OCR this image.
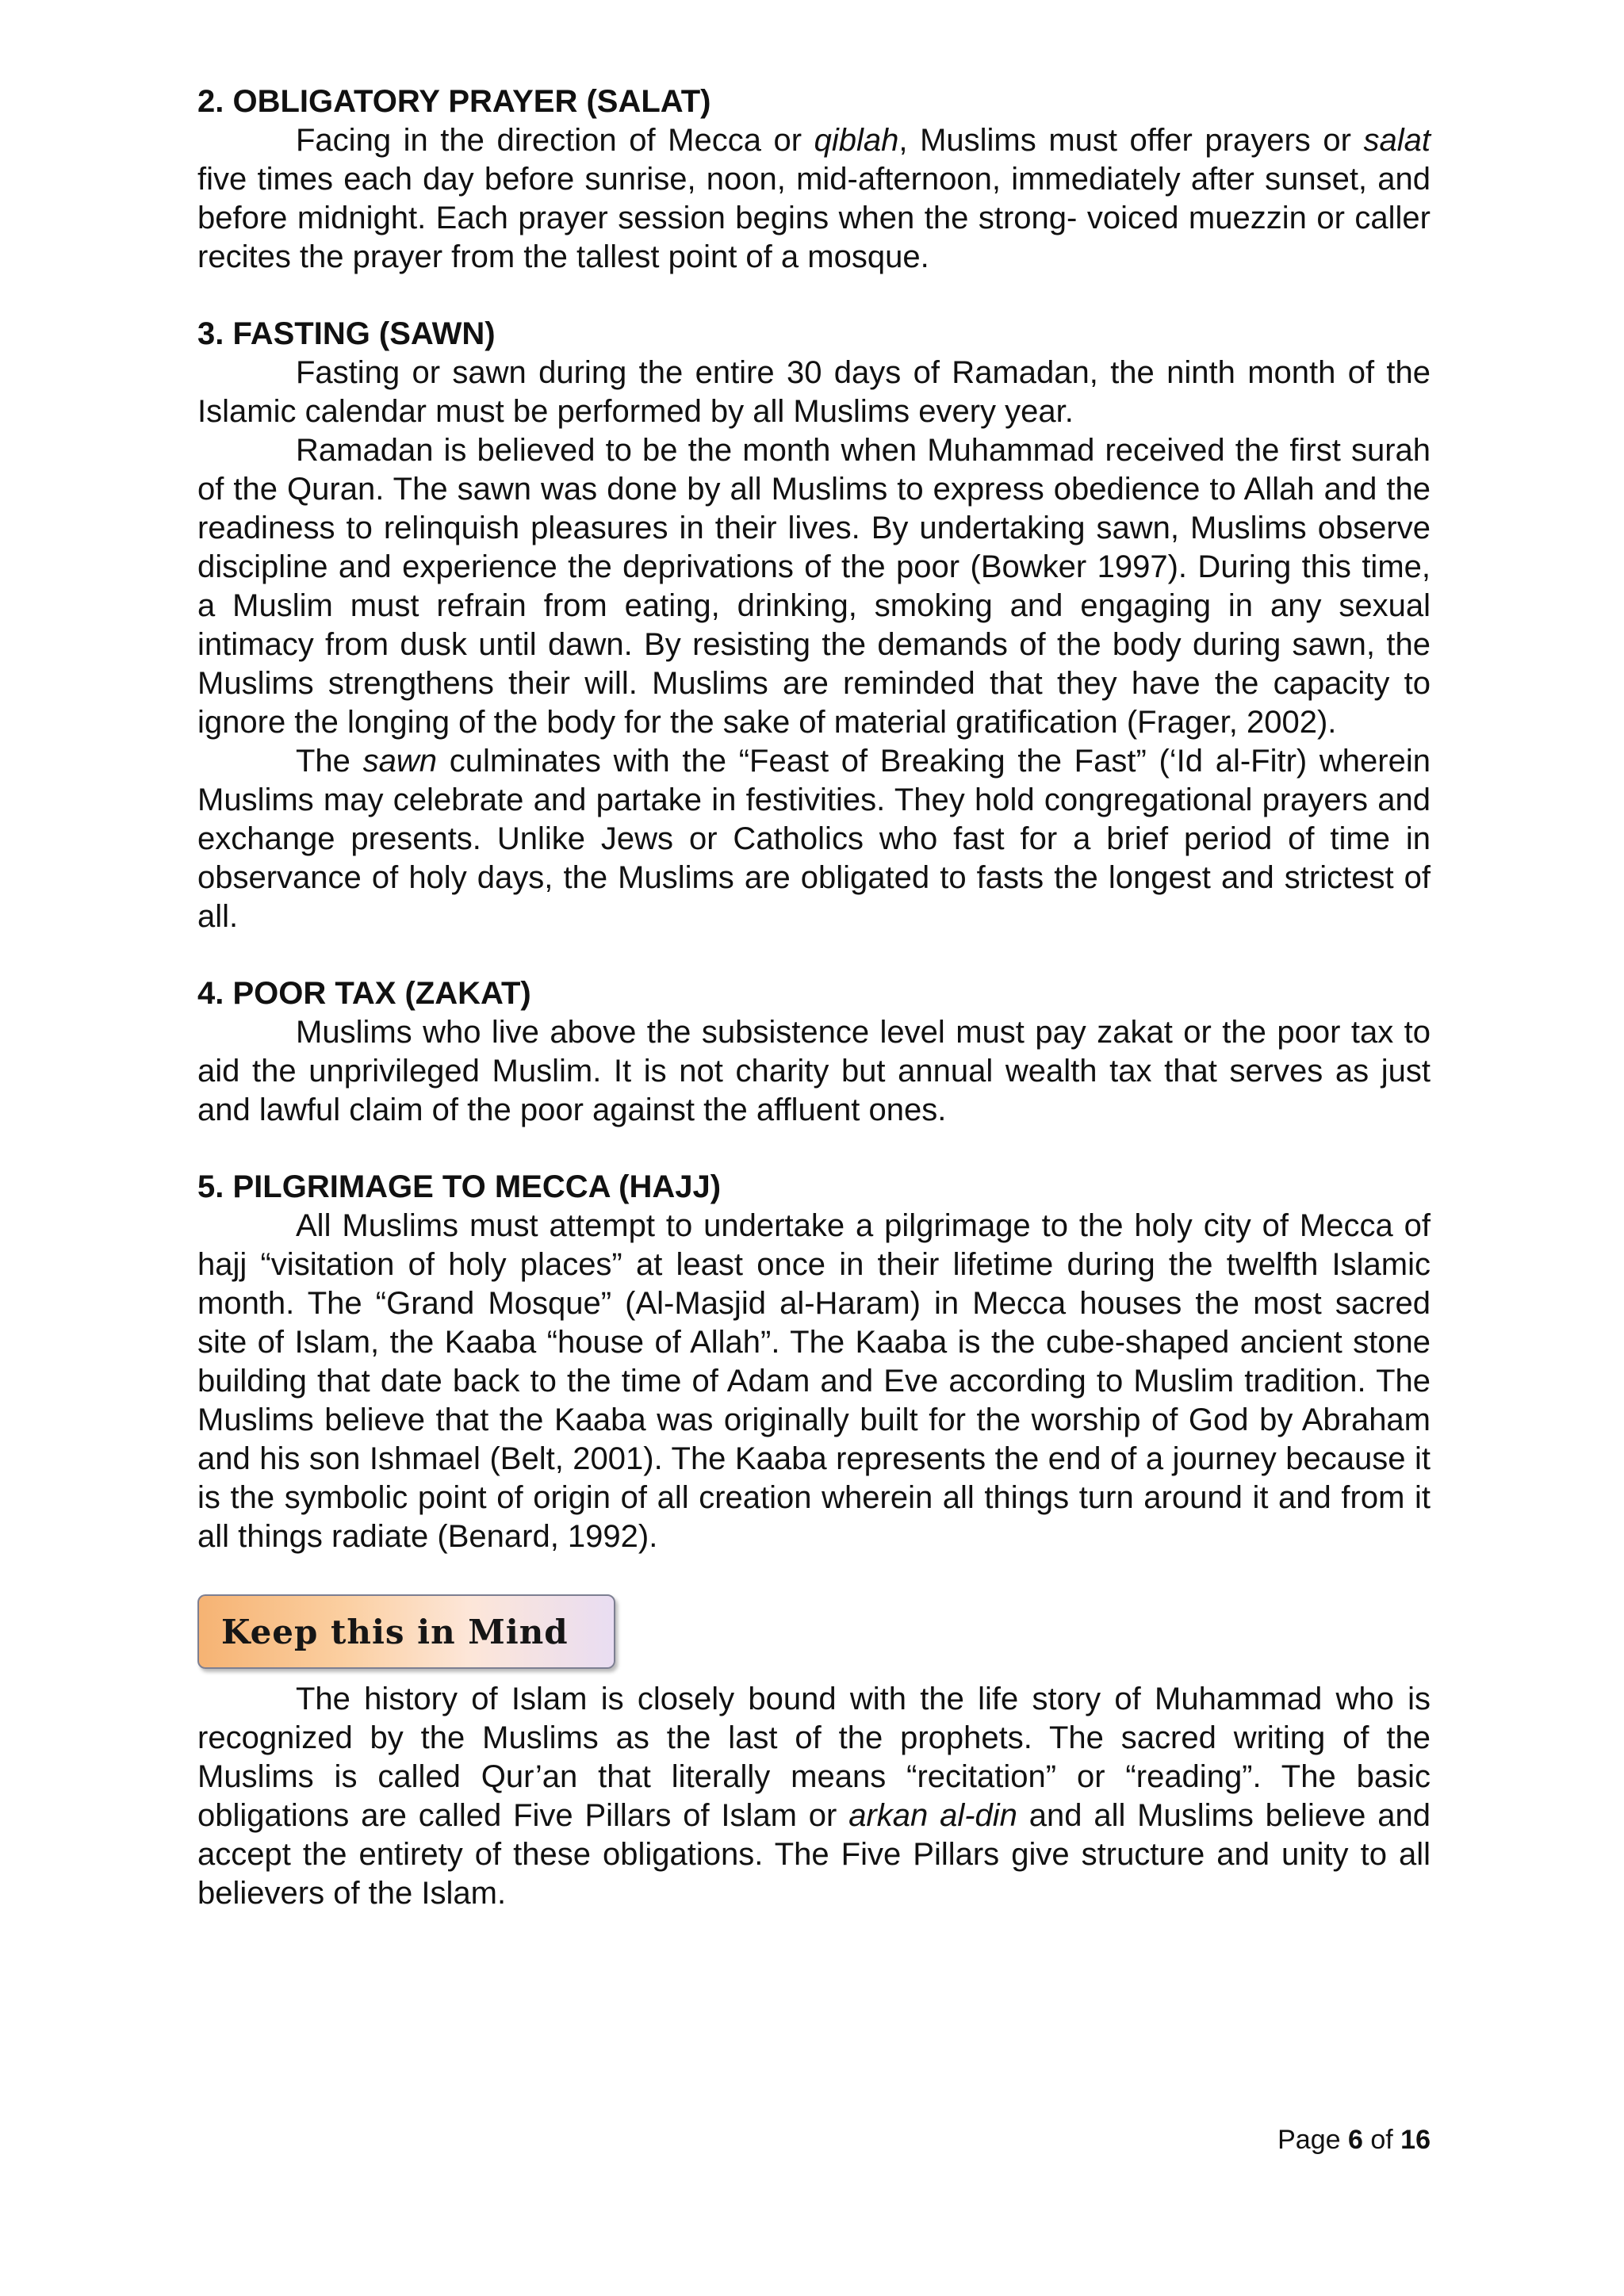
2. OBLIGATORY PRAYER (SALAT)

Facing in the direction of Mecca or qiblah, Muslims must offer prayers or salat five times each day before sunrise, noon, mid-afternoon, immediately after sunset, and before midnight. Each prayer session begins when the strong- voiced muezzin or caller recites the prayer from the tallest point of a mosque.

3. FASTING (SAWN)

Fasting or sawn during the entire 30 days of Ramadan, the ninth month of the Islamic calendar must be performed by all Muslims every year.

Ramadan is believed to be the month when Muhammad received the first surah of the Quran. The sawn was done by all Muslims to express obedience to Allah and the readiness to relinquish pleasures in their lives. By undertaking sawn, Muslims observe discipline and experience the deprivations of the poor (Bowker 1997). During this time, a Muslim must refrain from eating, drinking, smoking and engaging in any sexual intimacy from dusk until dawn. By resisting the demands of the body during sawn, the Muslims strengthens their will. Muslims are reminded that they have the capacity to ignore the longing of the body for the sake of material gratification (Frager, 2002).

The sawn culminates with the “Feast of Breaking the Fast” (‘Id al-Fitr) wherein Muslims may celebrate and partake in festivities. They hold congregational prayers and exchange presents. Unlike Jews or Catholics who fast for a brief period of time in observance of holy days, the Muslims are obligated to fasts the longest and strictest of all.

4. POOR TAX (ZAKAT)

Muslims who live above the subsistence level must pay zakat or the poor tax to aid the unprivileged Muslim. It is not charity but annual wealth tax that serves as just and lawful claim of the poor against the affluent ones.

5. PILGRIMAGE TO MECCA (HAJJ)

All Muslims must attempt to undertake a pilgrimage to the holy city of Mecca of hajj “visitation of holy places” at least once in their lifetime during the twelfth Islamic month. The “Grand Mosque” (Al-Masjid al-Haram) in Mecca houses the most sacred site of Islam, the Kaaba “house of Allah”. The Kaaba is the cube-shaped ancient stone building that date back to the time of Adam and Eve according to Muslim tradition. The Muslims believe that the Kaaba was originally built for the worship of God by Abraham and his son Ishmael (Belt, 2001). The Kaaba represents the end of a journey because it is the symbolic point of origin of all creation wherein all things turn around it and from it all things radiate (Benard, 1992).

Keep this in Mind

The history of Islam is closely bound with the life story of Muhammad who is recognized by the Muslims as the last of the prophets. The sacred writing of the Muslims is called Qur’an that literally means “recitation” or “reading”. The basic obligations are called Five Pillars of Islam or arkan al-din and all Muslims believe and accept the entirety of these obligations. The Five Pillars give structure and unity to all believers of the Islam.

Page 6 of 16
